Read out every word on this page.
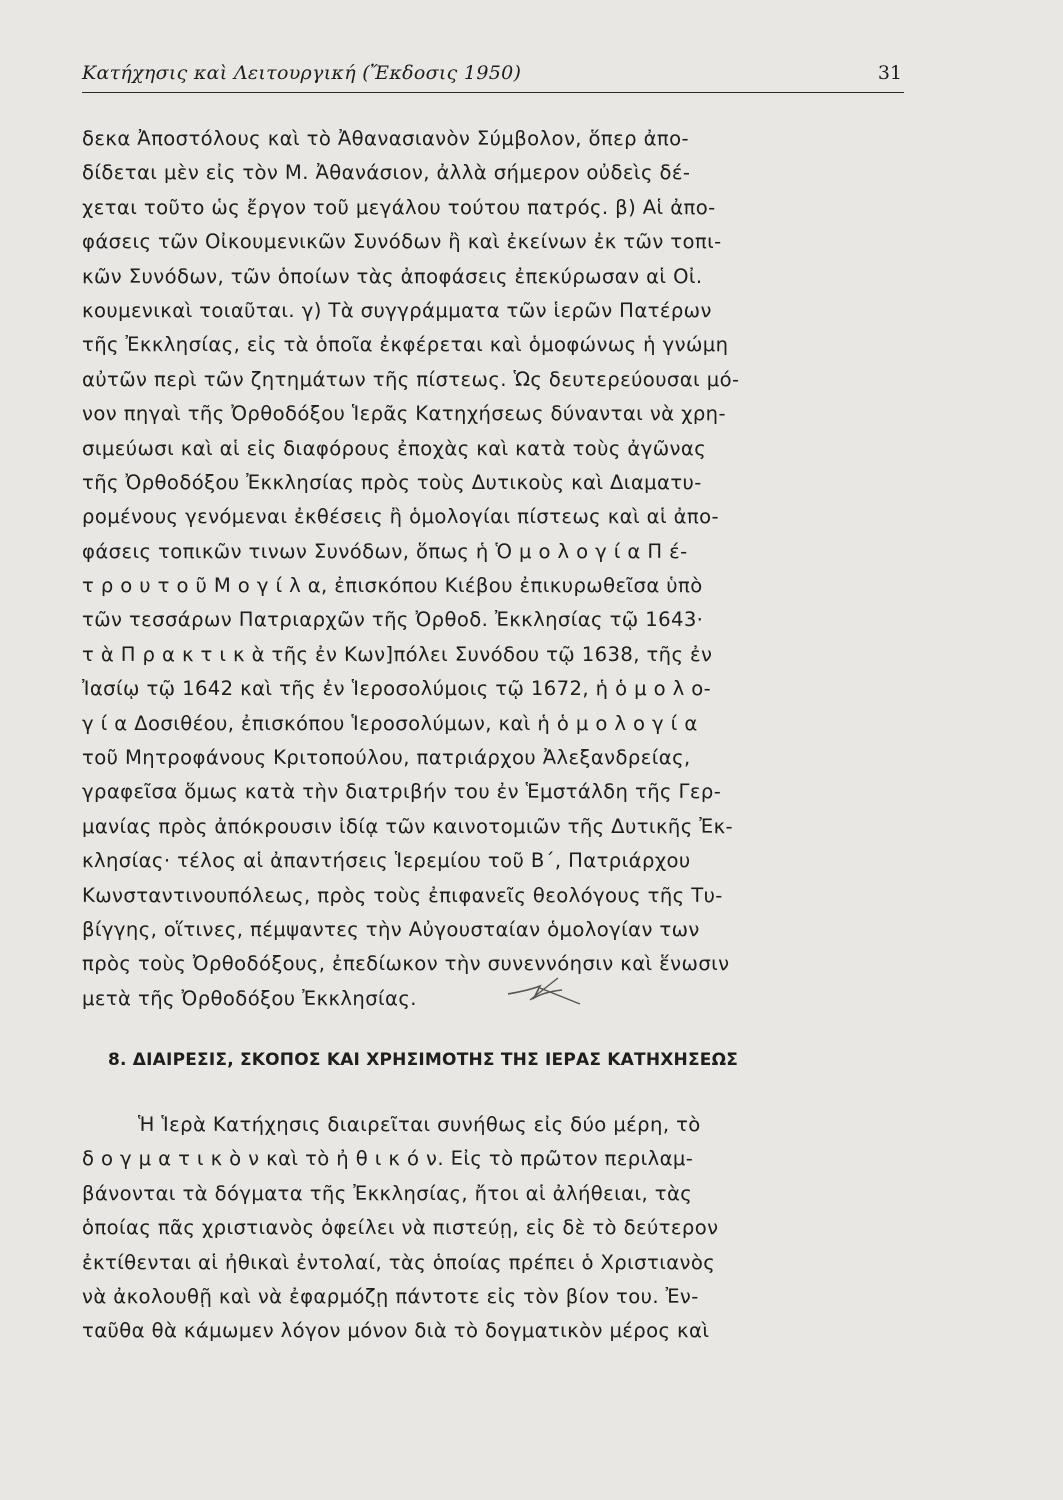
Κατήχησις καὶ Λειτουργική (Ἔκδοσις 1950)	31
δεκα Ἀποστόλους καὶ τὸ Ἀθανασιανὸν Σύμβολον, ὅπερ ἀπο-
δίδεται μὲν εἰς τὸν Μ. Ἀθανάσιον, ἀλλὰ σήμερον οὐδεὶς δέ-
χεται τοῦτο ὡς ἔργον τοῦ μεγάλου τούτου πατρός. β) Αἱ ἀπο-
φάσεις τῶν Οἰκουμενικῶν Συνόδων ἢ καὶ ἐκείνων ἐκ τῶν τοπι-
κῶν Συνόδων, τῶν ὁποίων τὰς ἀποφάσεις ἐπεκύρωσαν αἱ Οἰ.
κουμενικαὶ τοιαῦται. γ) Τὰ συγγράμματα τῶν ἱερῶν Πατέρων
τῆς Ἐκκλησίας, εἰς τὰ ὁποῖα ἐκφέρεται καὶ ὁμοφώνως ἡ γνώμη
αὐτῶν περὶ τῶν ζητημάτων τῆς πίστεως. Ὡς δευτερεύουσαι μό-
νον πηγαὶ τῆς Ὀρθοδόξου Ἱερᾶς Κατηχήσεως δύνανται νὰ χρη-
σιμεύωσι καὶ αἱ εἰς διαφόρους ἐποχὰς καὶ κατὰ τοὺς ἀγῶνας
τῆς Ὀρθοδόξου Ἐκκλησίας πρὸς τοὺς Δυτικοὺς καὶ Διαματυ-
ρομένους γενόμεναι ἐκθέσεις ἢ ὁμολογίαι πίστεως καὶ αἱ ἀπο-
φάσεις τοπικῶν τινων Συνόδων, ὅπως ἡ Ὁ μ ο λ ο γ ί α Π έ-
τ ρ ο υ τ ο ῦ Μ ο γ ί λ α, ἐπισκόπου Κιέβου ἐπικυρωθεῖσα ὑπὸ
τῶν τεσσάρων Πατριαρχῶν τῆς Ὀρθοδ. Ἐκκλησίας τῷ 1643·
τ ὰ Π ρ α κ τ ι κ ὰ τῆς ἐν Κων]πόλει Συνόδου τῷ 1638, τῆς ἐν
Ἰασίῳ τῷ 1642 καὶ τῆς ἐν Ἱεροσολύμοις τῷ 1672, ἡ ὁ μ ο λ ο-
γ ί α Δοσιθέου, ἐπισκόπου Ἱεροσολύμων, καὶ ἡ ὁ μ ο λ ο γ ί α
τοῦ Μητροφάνους Κριτοπούλου, πατριάρχου Ἀλεξανδρείας,
γραφεῖσα ὅμως κατὰ τὴν διατριβήν του ἐν Ἑμστάλδη τῆς Γερ-
μανίας πρὸς ἀπόκρουσιν ἰδίᾳ τῶν καινοτομιῶν τῆς Δυτικῆς Ἐκ-
κλησίας· τέλος αἱ ἀπαντήσεις Ἱερεμίου τοῦ Β΄, Πατριάρχου
Κωνσταντινουπόλεως, πρὸς τοὺς ἐπιφανεῖς θεολόγους τῆς Τυ-
βίγγης, οἵτινες, πέμψαντες τὴν Αὐγουσταίαν ὁμολογίαν των
πρὸς τοὺς Ὀρθοδόξους, ἐπεδίωκον τὴν συνεννόησιν καὶ ἕνωσιν
μετὰ τῆς Ὀρθοδόξου Ἐκκλησίας.
8. ΔΙΑΙΡΕΣΙΣ, ΣΚΟΠΟΣ ΚΑΙ ΧΡΗΣΙΜΟΤΗΣ ΤΗΣ ΙΕΡΑΣ ΚΑΤΗΧΗΣΕΩΣ
Ἡ Ἱερὰ Κατήχησις διαιρεῖται συνήθως εἰς δύο μέρη, τὸ
δ ο γ μ α τ ι κ ὸ ν καὶ τὸ ἠ θ ι κ ό ν. Εἰς τὸ πρῶτον περιλαμ-
βάνονται τὰ δόγματα τῆς Ἐκκλησίας, ἤτοι αἱ ἀλήθειαι, τὰς
ὁποίας πᾶς χριστιανὸς ὀφείλει νὰ πιστεύῃ, εἰς δὲ τὸ δεύτερον
ἐκτίθενται αἱ ἠθικαὶ ἐντολαί, τὰς ὁποίας πρέπει ὁ Χριστιανὸς
νὰ ἀκολουθῇ καὶ νὰ ἐφαρμόζῃ πάντοτε εἰς τὸν βίον του. Ἐν-
ταῦθα θὰ κάμωμεν λόγον μόνον διὰ τὸ δογματικὸν μέρος καὶ
